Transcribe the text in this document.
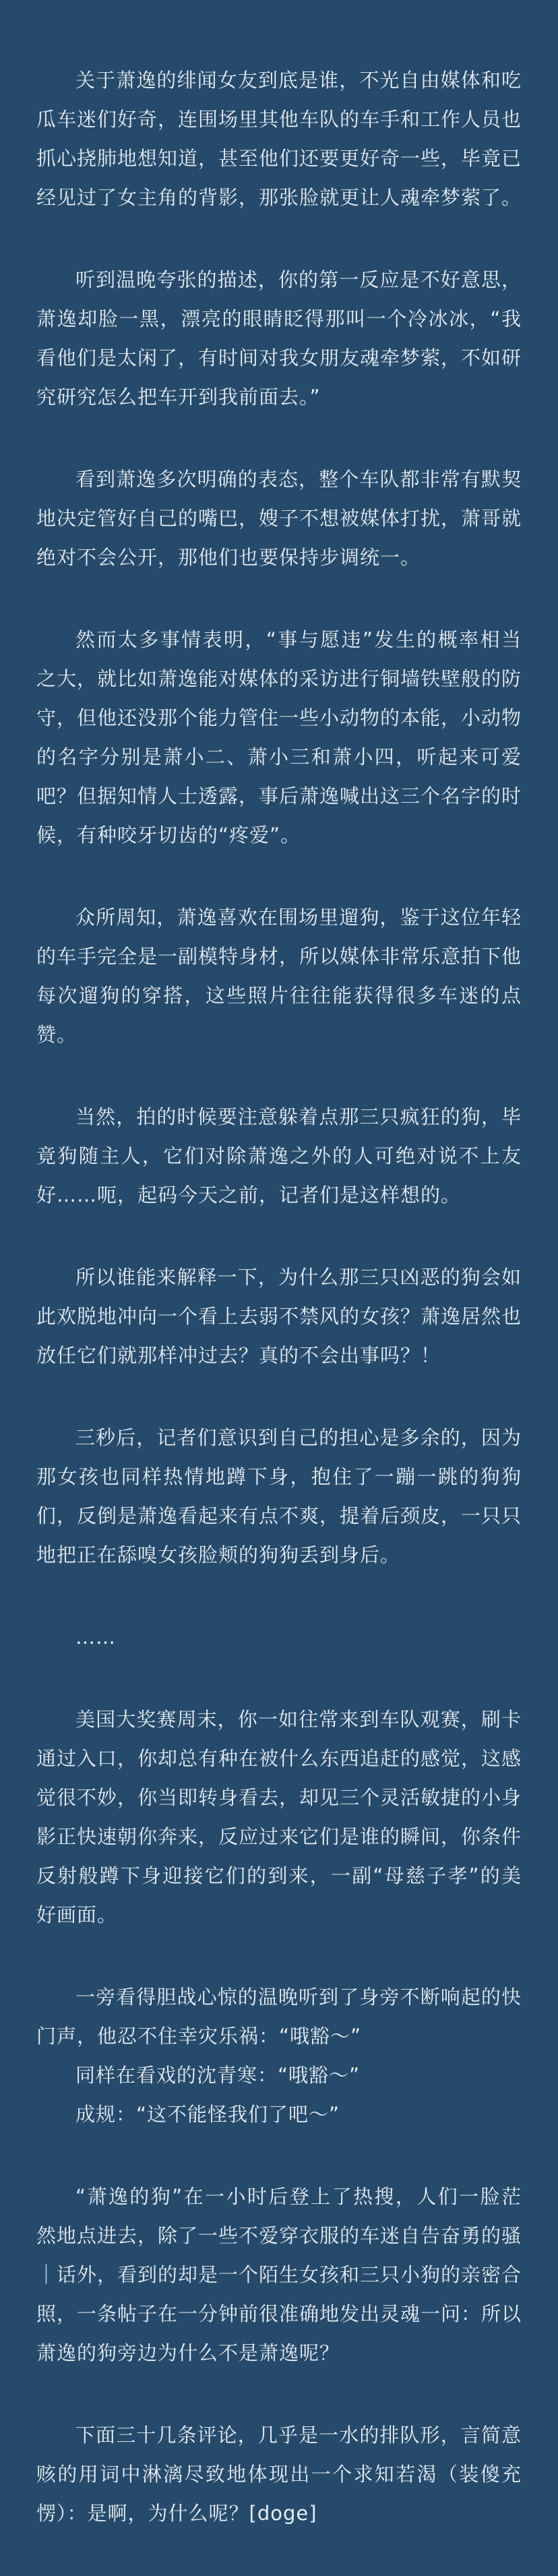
关于萧逸的绯闻女友到底是谁，不光自由媒体和吃瓜车迷们好奇，连围场里其他车队的车手和工作人员也抓心挠肺地想知道，甚至他们还要更好奇一些，毕竟已经见过了女主角的背影，那张脸就更让人魂牵梦萦了。

听到温晚夸张的描述，你的第一反应是不好意思，萧逸却脸一黑，漂亮的眼睛眨得那叫一个冷冰冰，“我看他们是太闲了，有时间对我女朋友魂牵梦萦，不如研究研究怎么把车开到我前面去。”

看到萧逸多次明确的表态，整个车队都非常有默契地决定管好自己的嘴巴，嫂子不想被媒体打扰，萧哥就绝对不会公开，那他们也要保持步调统一。

然而太多事情表明，“事与愿违”发生的概率相当之大，就比如萧逸能对媒体的采访进行铜墙铁壁般的防守，但他还没那个能力管住一些小动物的本能，小动物的名字分别是萧小二、萧小三和萧小四，听起来可爱吧？但据知情人士透露，事后萧逸喊出这三个名字的时候，有种咬牙切齿的“疼爱”。

众所周知，萧逸喜欢在围场里遛狗，鉴于这位年轻的车手完全是一副模特身材，所以媒体非常乐意拍下他每次遛狗的穿搭，这些照片往往能获得很多车迷的点赞。

当然，拍的时候要注意躲着点那三只疯狂的狗，毕竟狗随主人，它们对除萧逸之外的人可绝对说不上友好……呃，起码今天之前，记者们是这样想的。

所以谁能来解释一下，为什么那三只凶恶的狗会如此欢脱地冲向一个看上去弱不禁风的女孩？萧逸居然也放任它们就那样冲过去？真的不会出事吗？！

三秒后，记者们意识到自己的担心是多余的，因为那女孩也同样热情地蹲下身，抱住了一蹦一跳的狗狗们，反倒是萧逸看起来有点不爽，提着后颈皮，一只只地把正在舔嗅女孩脸颊的狗狗丢到身后。

……

美国大奖赛周末，你一如往常来到车队观赛，刷卡通过入口，你却总有种在被什么东西追赶的感觉，这感觉很不妙，你当即转身看去，却见三个灵活敏捷的小身影正快速朝你奔来，反应过来它们是谁的瞬间，你条件反射般蹲下身迎接它们的到来，一副“母慈子孝”的美好画面。

一旁看得胆战心惊的温晚听到了身旁不断响起的快门声，他忍不住幸灾乐祸：“哦豁～”

同样在看戏的沈青寒：“哦豁～”

成规：“这不能怪我们了吧～”

“萧逸的狗”在一小时后登上了热搜，人们一脸茫然地点进去，除了一些不爱穿衣服的车迷自告奋勇的骚｜话外，看到的却是一个陌生女孩和三只小狗的亲密合照，一条帖子在一分钟前很准确地发出灵魂一问：所以萧逸的狗旁边为什么不是萧逸呢？

下面三十几条评论，几乎是一水的排队形，言简意赅的用词中淋漓尽致地体现出一个求知若渴（装傻充愣）：是啊，为什么呢？[doge]
